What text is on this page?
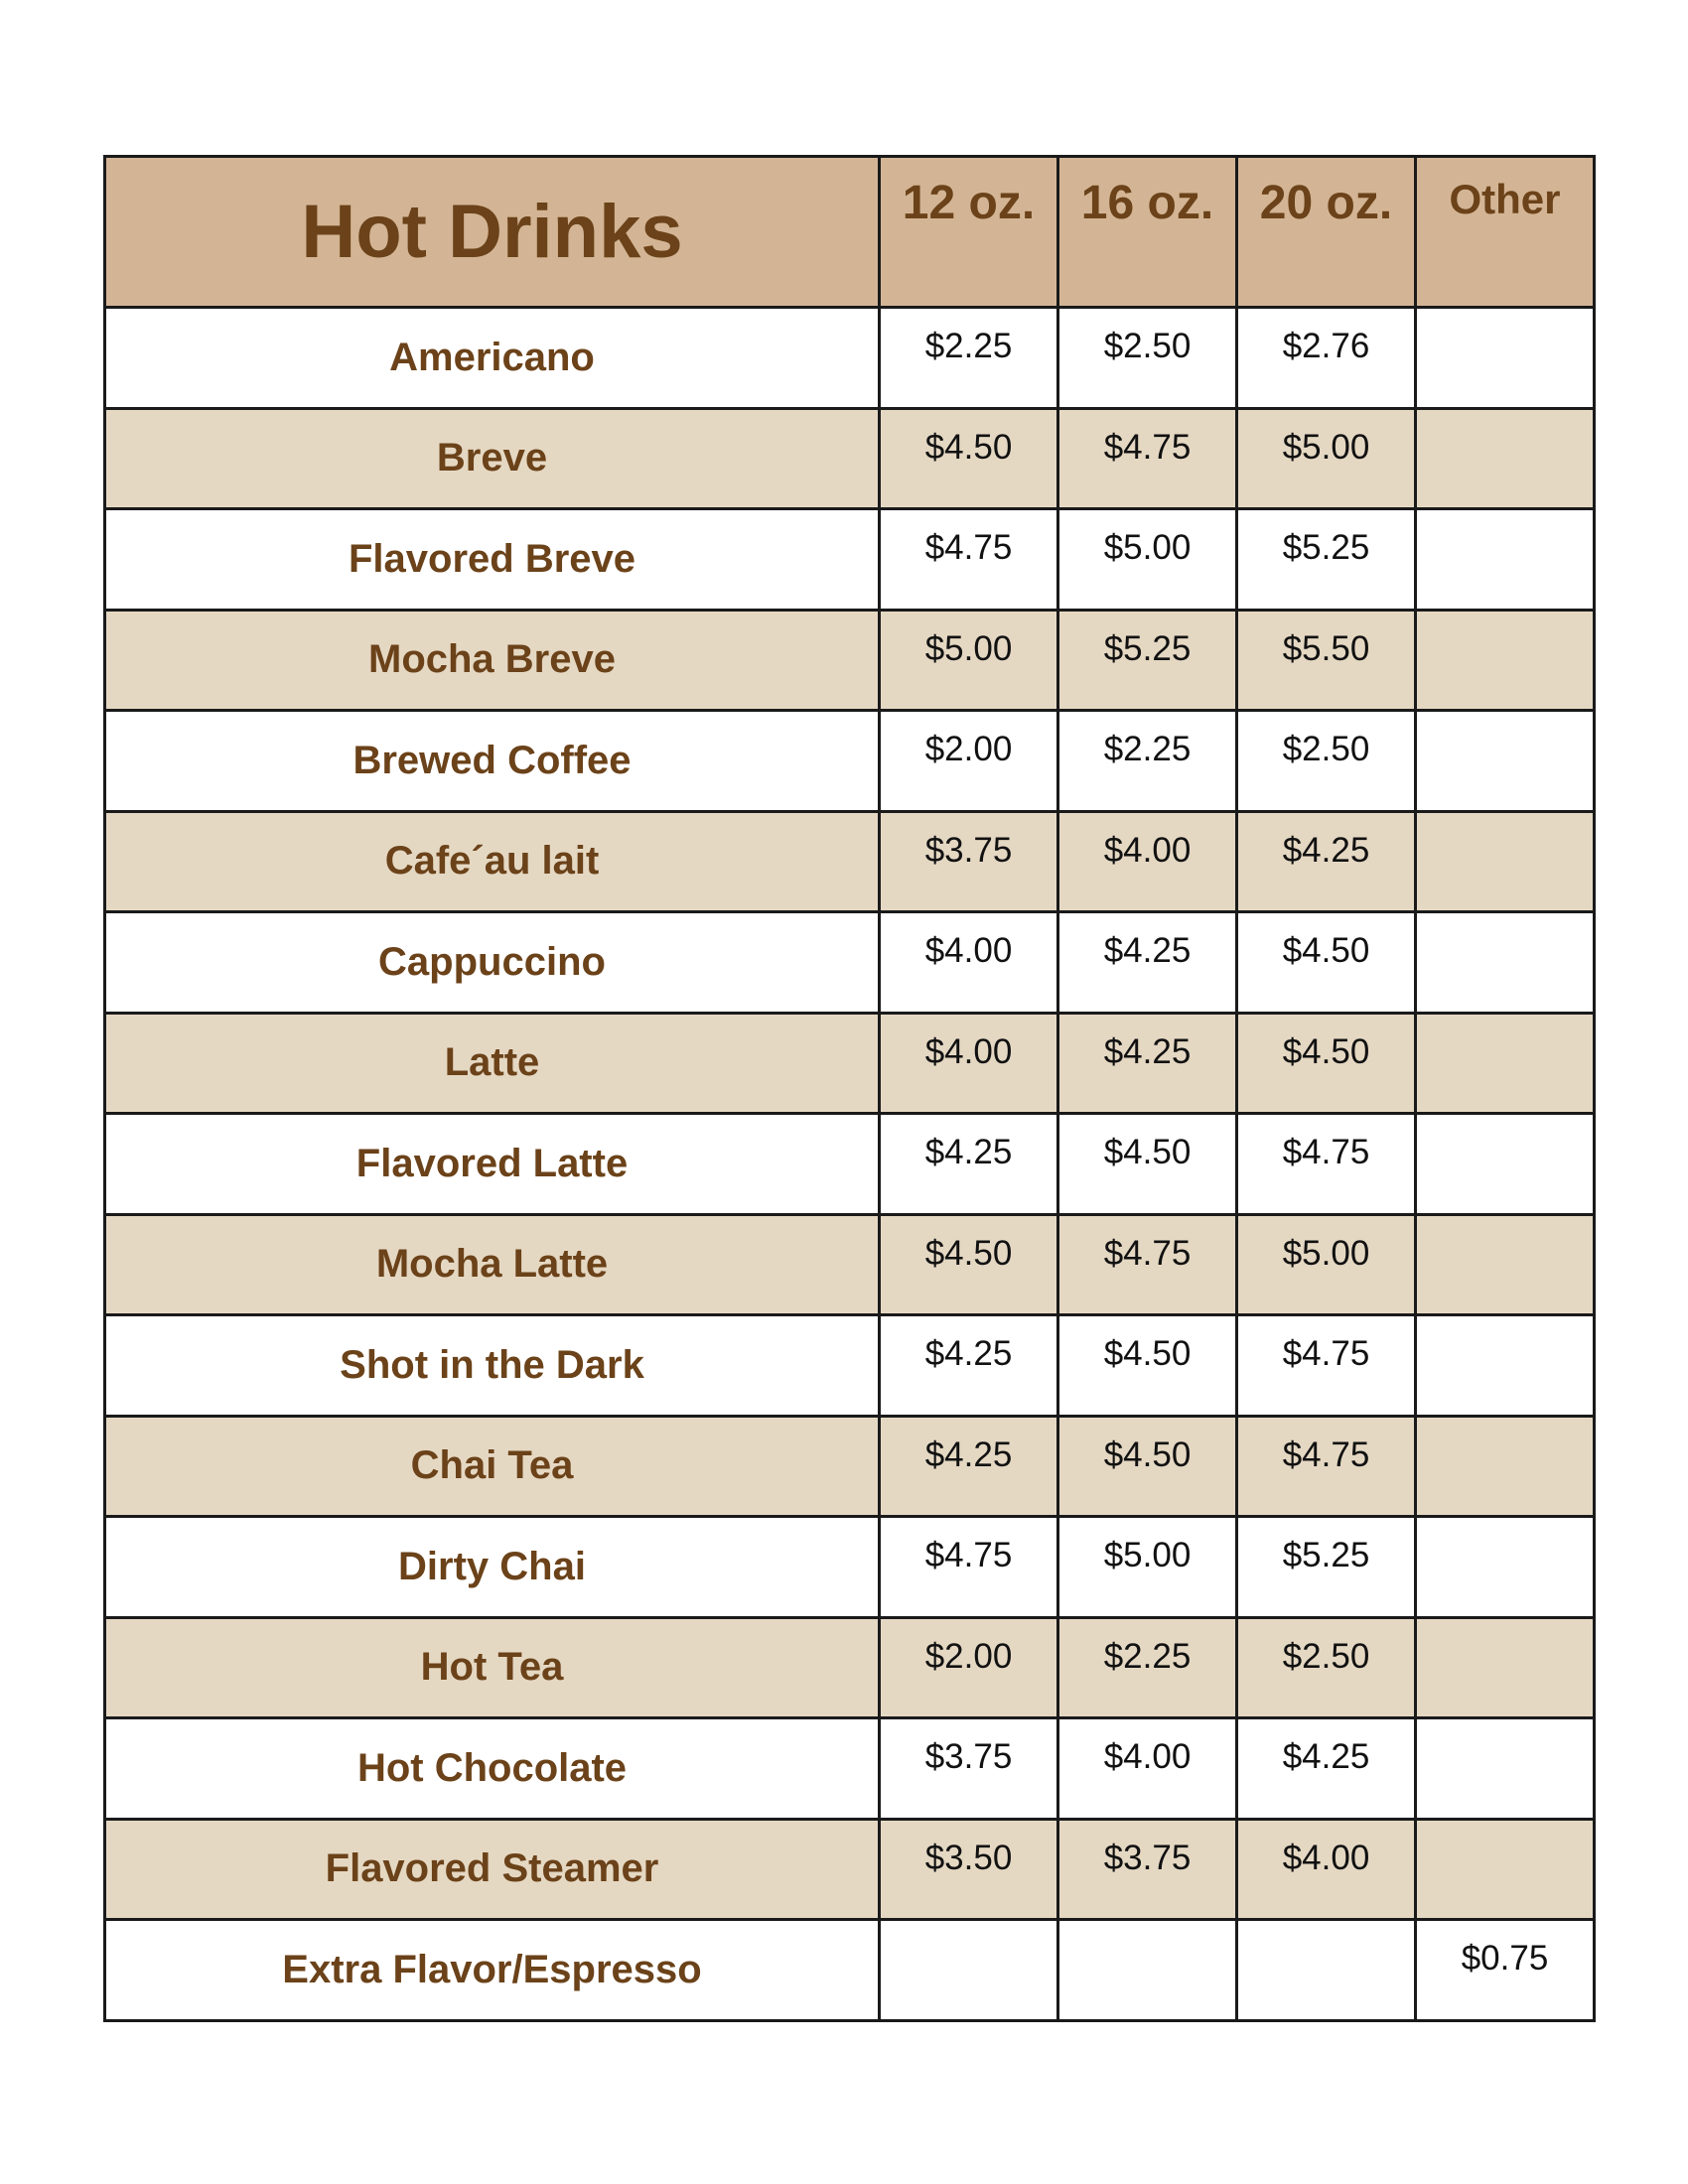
Hot Drinks	12 oz.	16 oz.	20 oz.	Other
Americano	$2.25	$2.50	$2.76	
Breve	$4.50	$4.75	$5.00	
Flavored Breve	$4.75	$5.00	$5.25	
Mocha Breve	$5.00	$5.25	$5.50	
Brewed Coffee	$2.00	$2.25	$2.50	
Cafe´au lait	$3.75	$4.00	$4.25	
Cappuccino	$4.00	$4.25	$4.50	
Latte	$4.00	$4.25	$4.50	
Flavored Latte	$4.25	$4.50	$4.75	
Mocha Latte	$4.50	$4.75	$5.00	
Shot in the Dark	$4.25	$4.50	$4.75	
Chai Tea	$4.25	$4.50	$4.75	
Dirty Chai	$4.75	$5.00	$5.25	
Hot Tea	$2.00	$2.25	$2.50	
Hot Chocolate	$3.75	$4.00	$4.25	
Flavored Steamer	$3.50	$3.75	$4.00	
Extra Flavor/Espresso				$0.75
